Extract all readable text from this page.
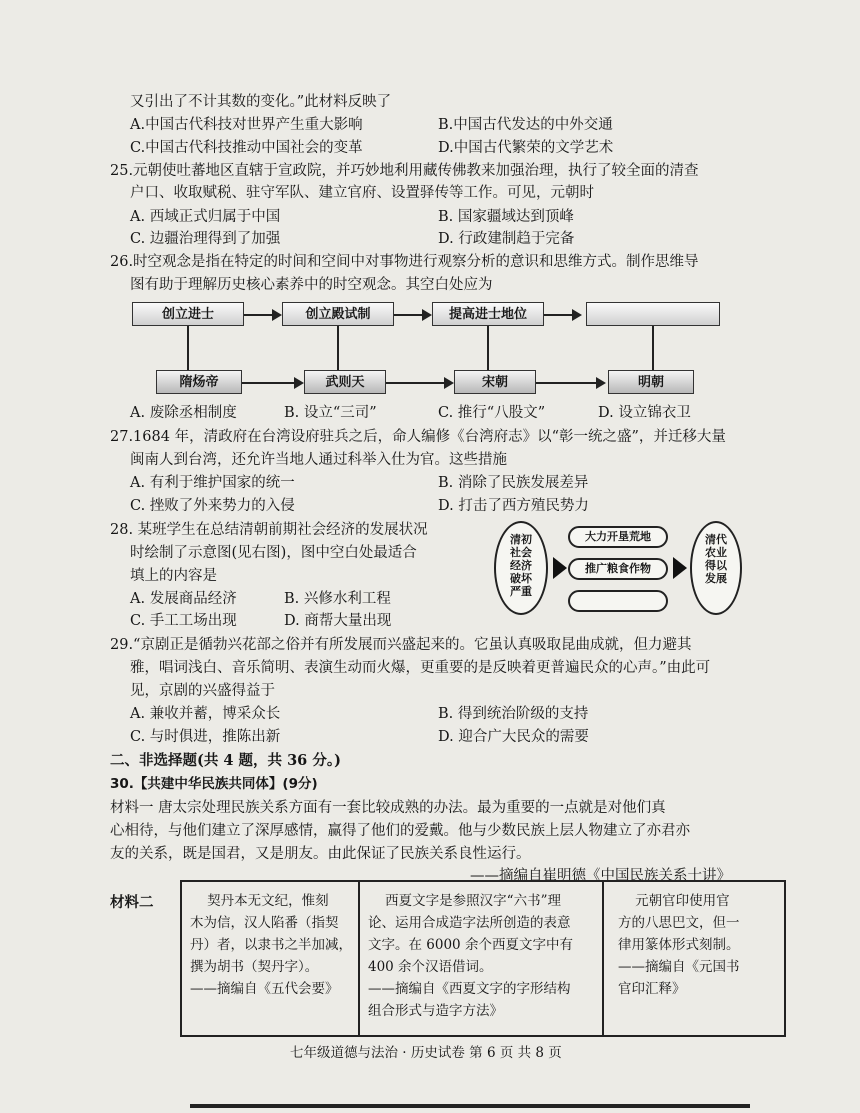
又引出了不计其数的变化。”此材料反映了
A.中国古代科技对世界产生重大影响	B.中国古代发达的中外交通
C.中国古代科技推动中国社会的变革	D.中国古代繁荣的文学艺术
25.元朝使吐蕃地区直辖于宣政院，并巧妙地利用藏传佛教来加强治理，执行了较全面的清查
户口、收取赋税、驻守军队、建立官府、设置驿传等工作。可见，元朝时
A. 西域正式归属于中国	B. 国家疆域达到顶峰
C. 边疆治理得到了加强	D. 行政建制趋于完备
26.时空观念是指在特定的时间和空间中对事物进行观察分析的意识和思维方式。制作思维导
图有助于理解历史核心素养中的时空观念。其空白处应为
创立进士	创立殿试制	提高进士地位
隋炀帝	武则天	宋朝	明朝
A. 废除丞相制度	B. 设立“三司”	C. 推行“八股文”	D. 设立锦衣卫
27.1684 年，清政府在台湾设府驻兵之后，命人编修《台湾府志》以“彰一统之盛”，并迁移大量
闽南人到台湾，还允许当地人通过科举入仕为官。这些措施
A. 有利于维护国家的统一	B. 消除了民族发展差异
C. 挫败了外来势力的入侵	D. 打击了西方殖民势力
28. 某班学生在总结清朝前期社会经济的发展状况
时绘制了示意图(见右图)，图中空白处最适合
填上的内容是
A. 发展商品经济	B. 兴修水利工程
C. 手工工场出现	D. 商帮大量出现
清初社会经济破坏严重
大力开垦荒地
推广粮食作物
清代农业得以发展
29.“京剧正是循勃兴花部之俗并有所发展而兴盛起来的。它虽认真吸取昆曲成就，但力避其
雅，唱词浅白、音乐简明、表演生动而火爆，更重要的是反映着更普遍民众的心声。”由此可
见，京剧的兴盛得益于
A. 兼收并蓄，博采众长	B. 得到统治阶级的支持
C. 与时俱进，推陈出新	D. 迎合广大民众的需要
二、非选择题(共 4 题，共 36 分。)
30.【共建中华民族共同体】(9分)
材料一 唐太宗处理民族关系方面有一套比较成熟的办法。最为重要的一点就是对他们真
心相待，与他们建立了深厚感情，赢得了他们的爱戴。他与少数民族上层人物建立了亦君亦
友的关系，既是国君，又是朋友。由此保证了民族关系良性运行。
——摘编自崔明德《中国民族关系十讲》
材料二	契丹本无文纪，惟刻
木为信，汉人陷番（指契
丹）者，以隶书之半加减，
撰为胡书（契丹字）。
——摘编自《五代会要》
西夏文字是参照汉字“六书”理
论、运用合成造字法所创造的表意
文字。在 6000 余个西夏文字中有
400 余个汉语借词。
——摘编自《西夏文字的字形结构
组合形式与造字方法》
元朝官印使用官
方的八思巴文，但一
律用篆体形式刻制。
——摘编自《元国书
官印汇释》
七年级道德与法治 · 历史试卷 第 6 页 共 8 页
